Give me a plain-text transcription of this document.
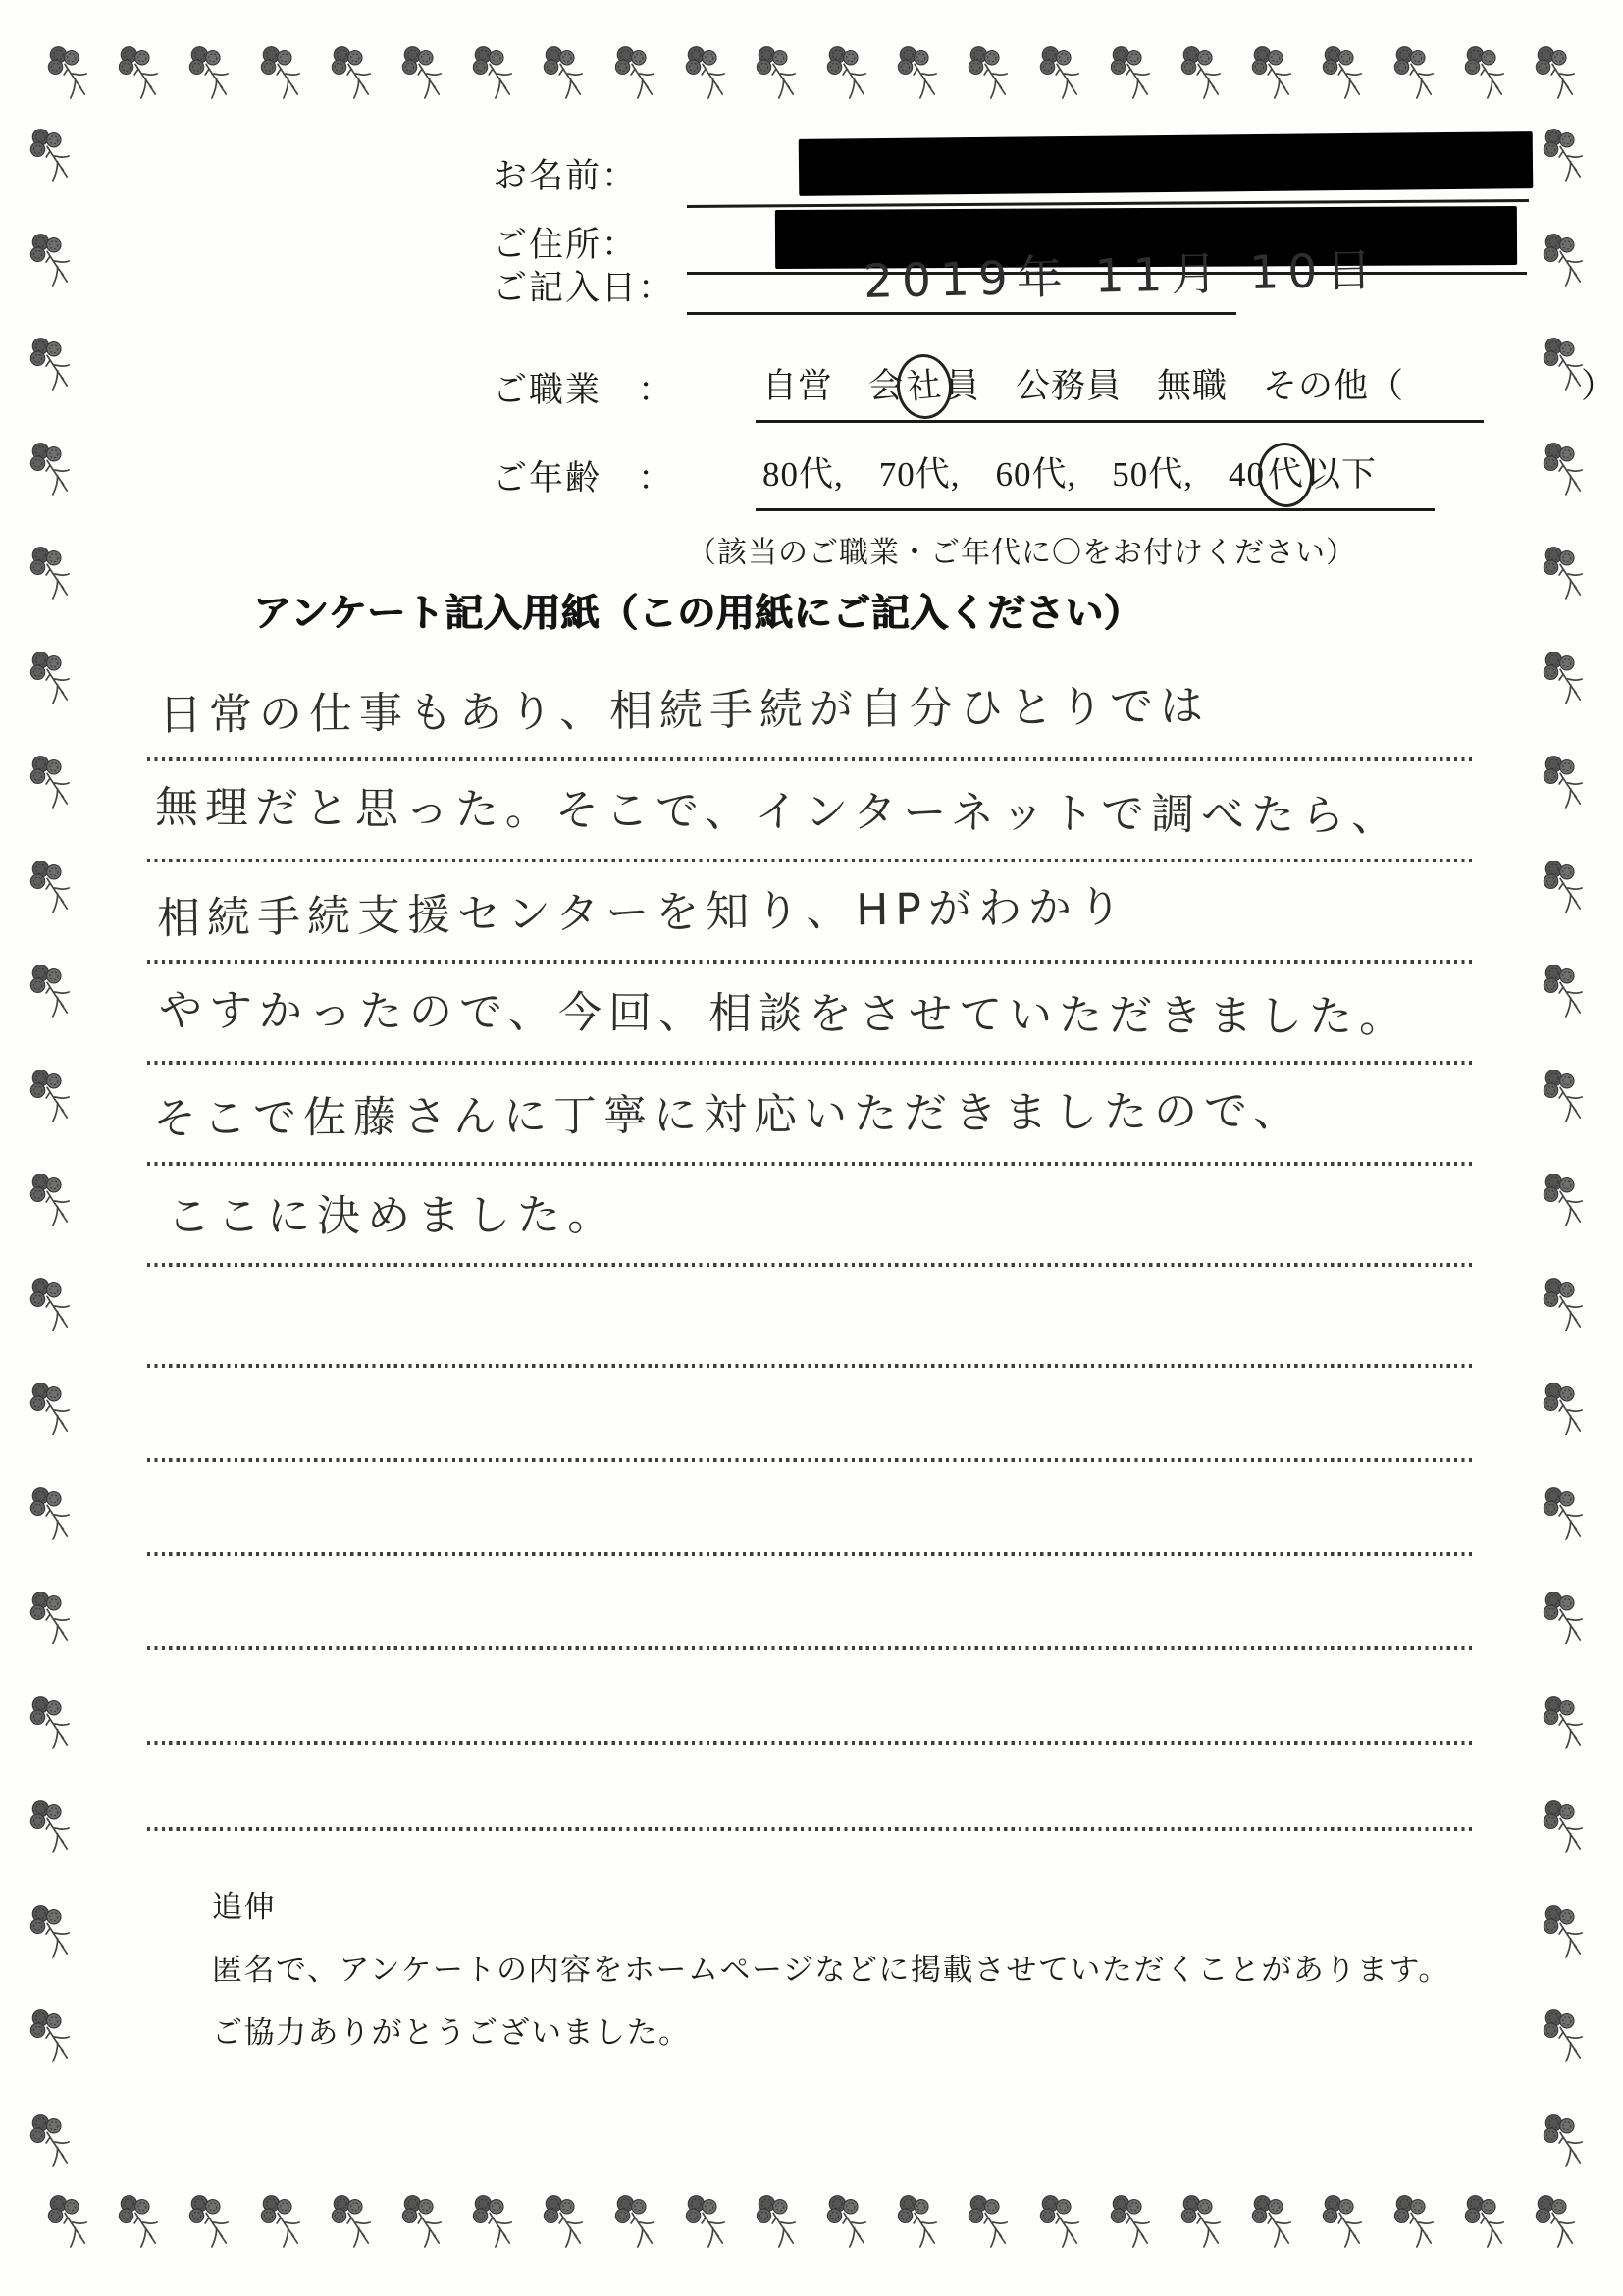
お名前：
ご住所：
ご記入日：	2019年 11月 10日
ご職業　：	自営　会社員　公務員　無職　その他（　　　　　）
ご年齢　：	80代,　70代,　60代,　50代,　40代以下
（該当のご職業・ご年代に〇をお付けください）
アンケート記入用紙（この用紙にご記入ください）
日常の仕事もあり、相続手続が自分ひとりでは
無理だと思った。そこで、インターネットで調べたら、
相続手続支援センターを知り、HPがわかり
やすかったので、今回、相談をさせていただきました。
そこで佐藤さんに丁寧に対応いただきましたので、
ここに決めました。
追伸
匿名で、アンケートの内容をホームページなどに掲載させていただくことがあります。
ご協力ありがとうございました。
